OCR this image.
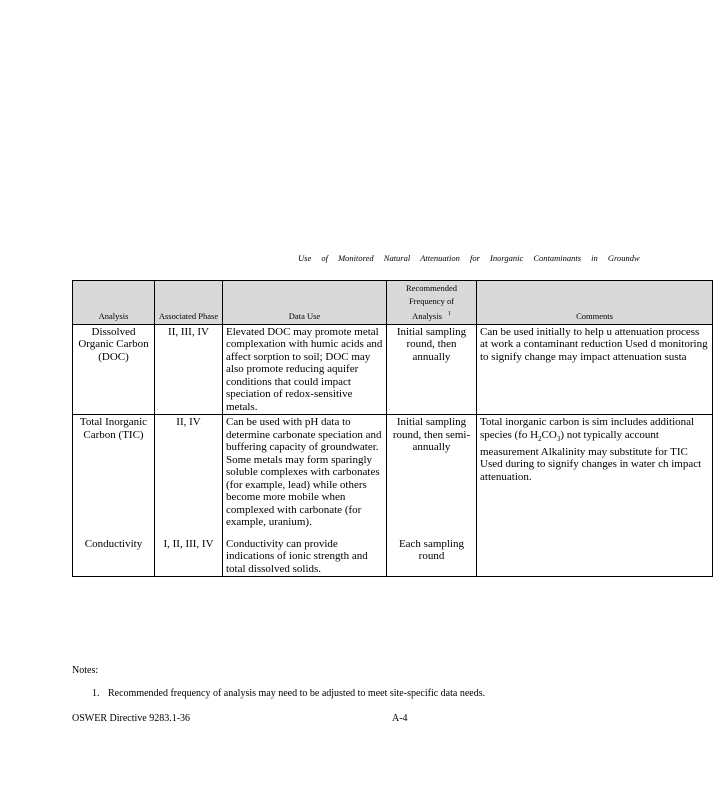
Use of Monitored Natural Attenuation for Inorganic Contaminants in Groundw
Analysis	Associated Phase	Data Use	Recommended Frequency of Analysis $^1$	Comments
Dissolved Organic Carbon (DOC)	II, III, IV	Elevated DOC may promote metal complexation with humic acids and affect sorption to soil; DOC may also promote reducing aquifer conditions that could impact speciation of redox-sensitive metals.	Initial sampling round, then annually	Can be used initially to help u attenuation process at work a contaminant reduction Used d monitoring to signify change may impact attenuation susta
Total Inorganic Carbon (TIC)	II, IV	Can be used with pH data to determine carbonate speciation and buffering capacity of groundwater. Some metals may form sparingly soluble complexes with carbonates (for example, lead) while others become more mobile when complexed with carbonate (for example, uranium).	Initial sampling round, then semi-annually	Total inorganic carbon is sim includes additional species (fo $H_2CO_3$) not typically account measurement Alkalinity may substitute for TIC Used during to signify changes in water ch impact attenuation.
Conductivity	I, II, III, IV	Conductivity can provide indications of ionic strength and total dissolved solids.	Each sampling round	
Notes:
1. Recommended frequency of analysis may need to be adjusted to meet site-specific data needs.
OSWER Directive 9283.1-36	A-4
